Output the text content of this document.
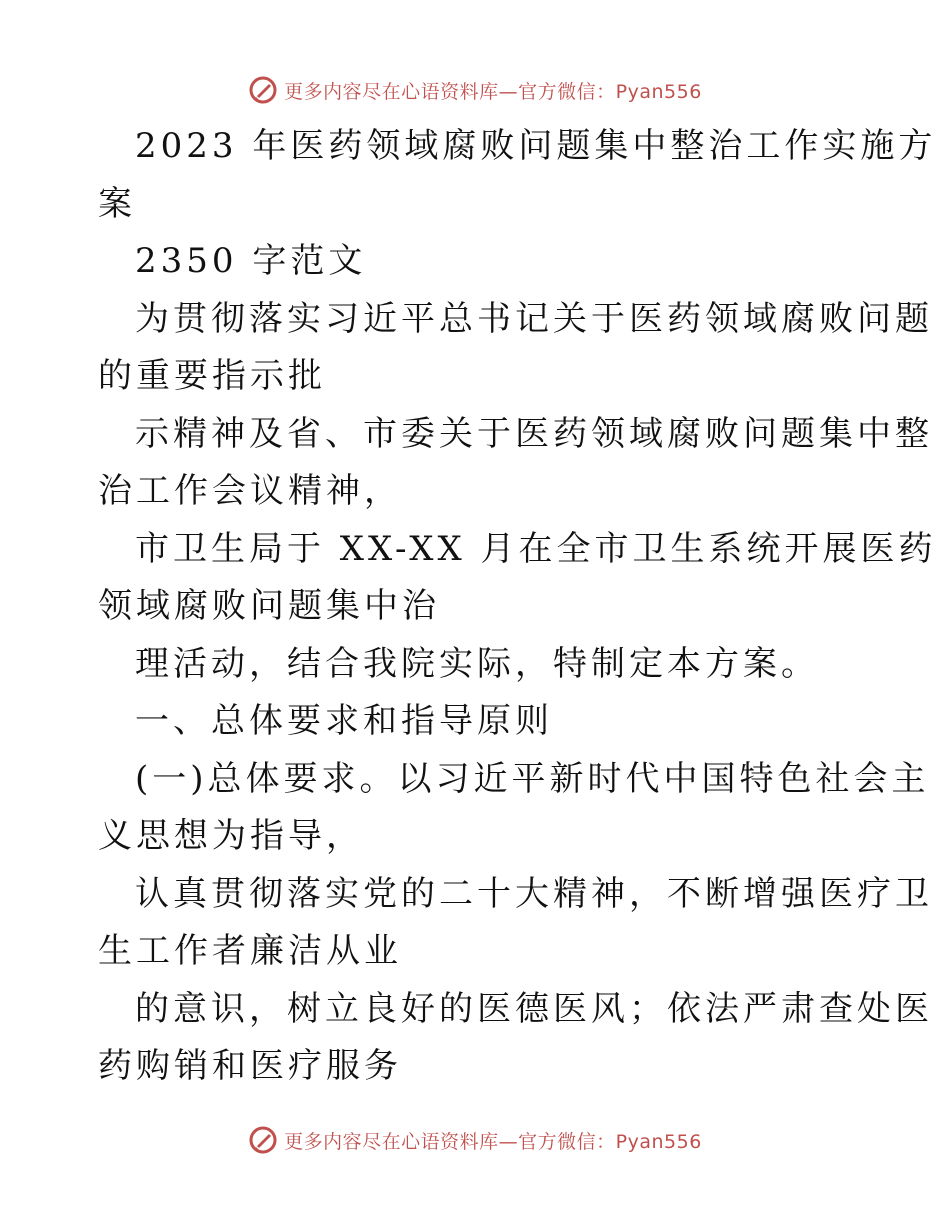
更多内容尽在心语资料库—官方微信：Pyan556
2023 年医药领域腐败问题集中整治工作实施方
案
2350 字范文
为贯彻落实习近平总书记关于医药领域腐败问题
的重要指示批
示精神及省、市委关于医药领域腐败问题集中整
治工作会议精神，
市卫生局于 XX-XX 月在全市卫生系统开展医药
领域腐败问题集中治
理活动，结合我院实际，特制定本方案。
一、总体要求和指导原则
(一)总体要求。以习近平新时代中国特色社会主
义思想为指导，
认真贯彻落实党的二十大精神，不断增强医疗卫
生工作者廉洁从业
的意识，树立良好的医德医风；依法严肃查处医
药购销和医疗服务
更多内容尽在心语资料库—官方微信：Pyan556
